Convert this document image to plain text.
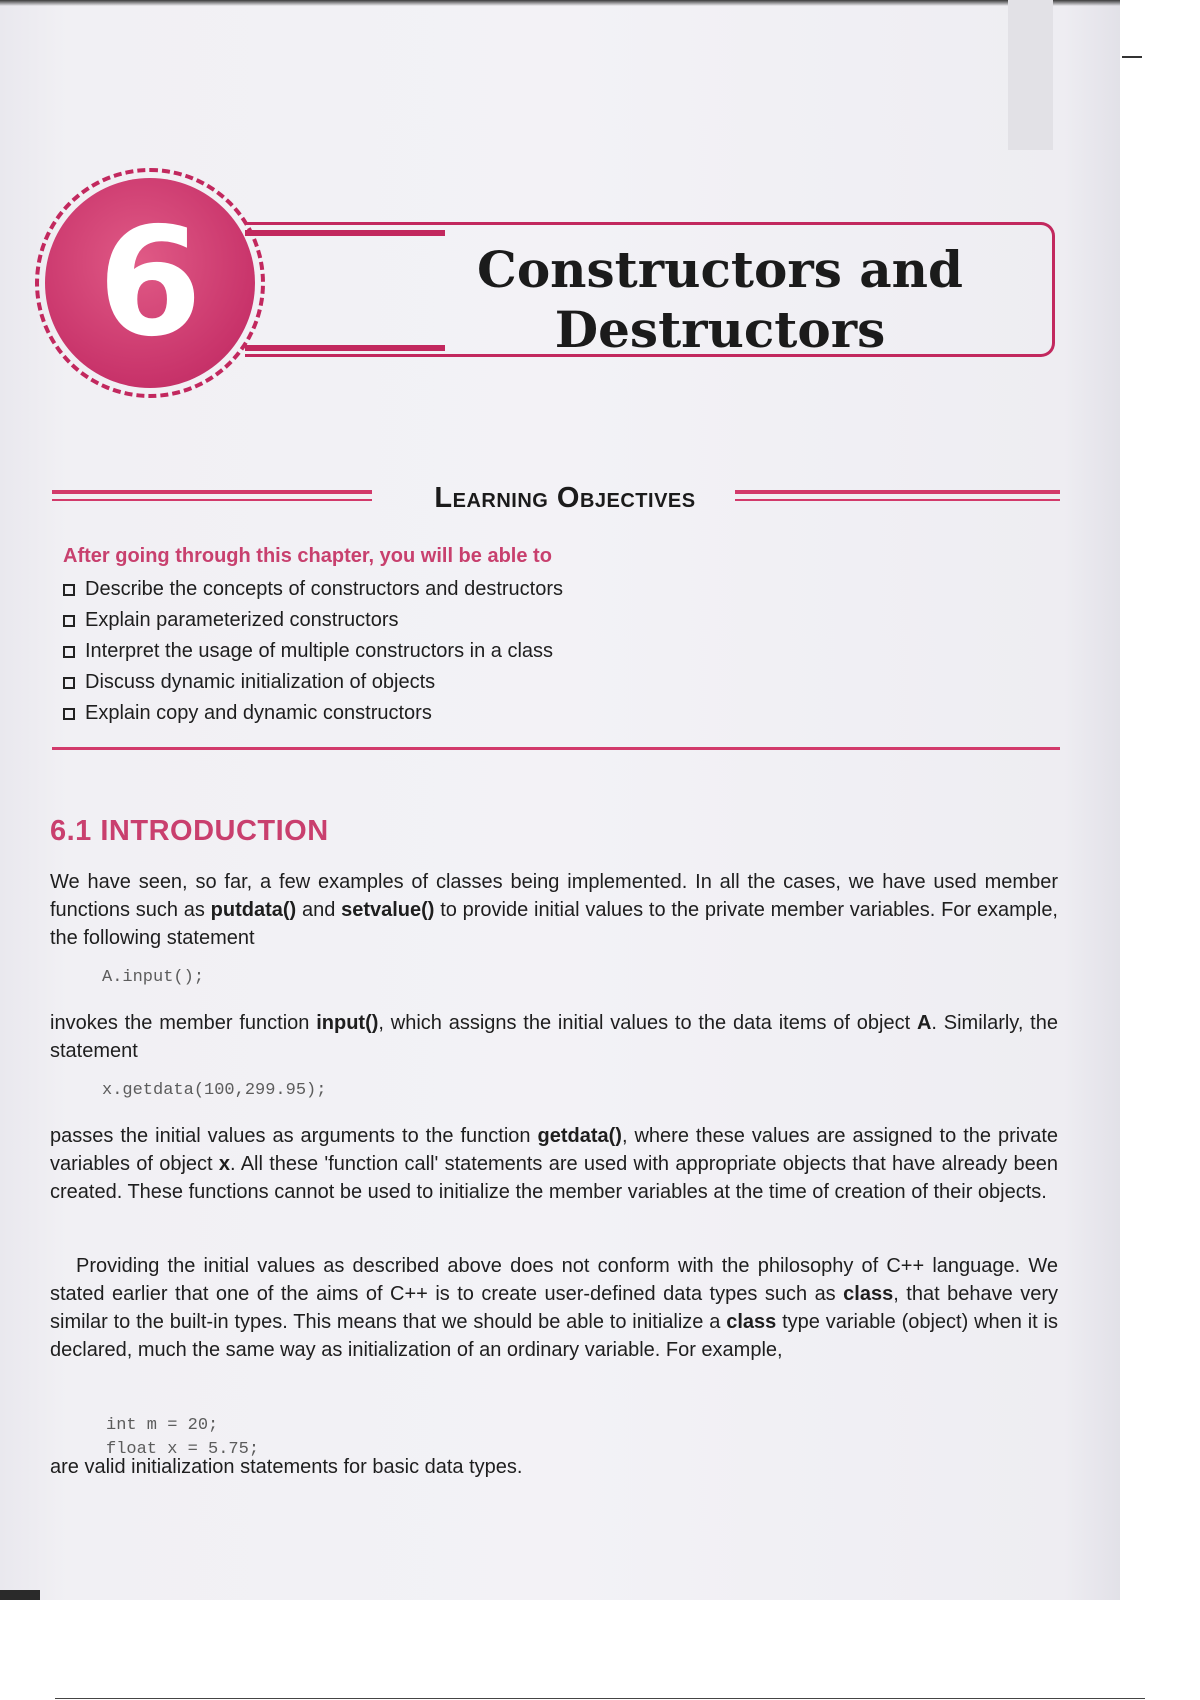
6	Constructors and
Destructors
Learning Objectives
After going through this chapter, you will be able to
Describe the concepts of constructors and destructors
Explain parameterized constructors
Interpret the usage of multiple constructors in a class
Discuss dynamic initialization of objects
Explain copy and dynamic constructors
6.1 INTRODUCTION
We have seen, so far, a few examples of classes being implemented. In all the cases, we have used member functions such as putdata() and setvalue() to provide initial values to the private member variables. For example, the following statement
A.input();
invokes the member function input(), which assigns the initial values to the data items of object A. Similarly, the statement
x.getdata(100,299.95);
passes the initial values as arguments to the function getdata(), where these values are assigned to the private variables of object x. All these 'function call' statements are used with appropriate objects that have already been created. These functions cannot be used to initialize the member variables at the time of creation of their objects.
Providing the initial values as described above does not conform with the philosophy of C++ language. We stated earlier that one of the aims of C++ is to create user-defined data types such as class, that behave very similar to the built-in types. This means that we should be able to initialize a class type variable (object) when it is declared, much the same way as initialization of an ordinary variable. For example,

int m = 20;
float x = 5.75;
are valid initialization statements for basic data types.
